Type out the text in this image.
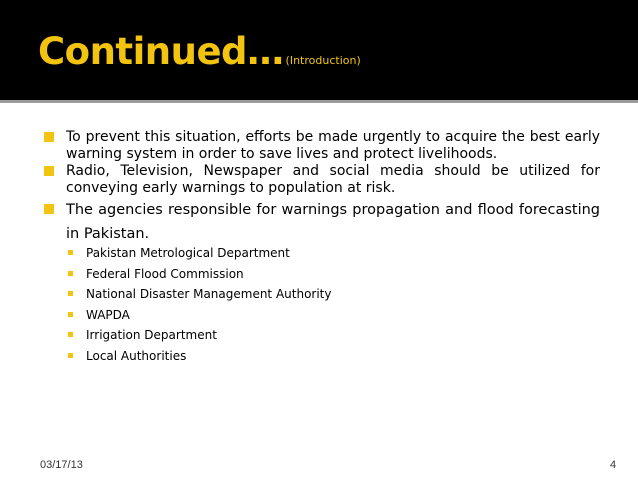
Continued… (Introduction)

To prevent this situation, efforts be made urgently to acquire the best early warning system in order to save lives and protect livelihoods.

Radio, Television, Newspaper and social media should be utilized for conveying early warnings to population at risk.

The agencies responsible for warnings propagation and flood forecasting in Pakistan.

Pakistan Metrological Department
Federal Flood Commission
National Disaster Management Authority
WAPDA
Irrigation Department
Local Authorities
03/17/13	4
